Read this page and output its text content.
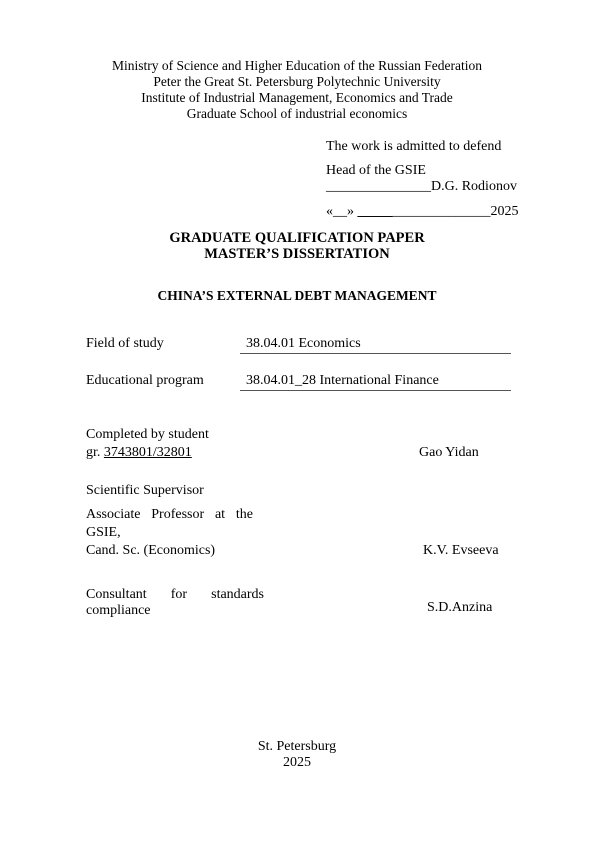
Ministry of Science and Higher Education of the Russian Federation
Peter the Great St. Petersburg Polytechnic University
Institute of Industrial Management, Economics and Trade
Graduate School of industrial economics
The work is admitted to defend
Head of the GSIE
_______________D.G. Rodionov
«__» ___________________2025
GRADUATE QUALIFICATION PAPER
MASTER’S DISSERTATION
CHINA’S EXTERNAL DEBT MANAGEMENT
Field of study	38.04.01 Economics
Educational program	38.04.01_28 International Finance
Completed by student
gr. 3743801/32801	Gao Yidan
Scientific Supervisor
Associate Professor at the GSIE,
Cand. Sc. (Economics)	K.V. Evseeva
Consultant for standards compliance	S.D.Anzina
St. Petersburg
2025
